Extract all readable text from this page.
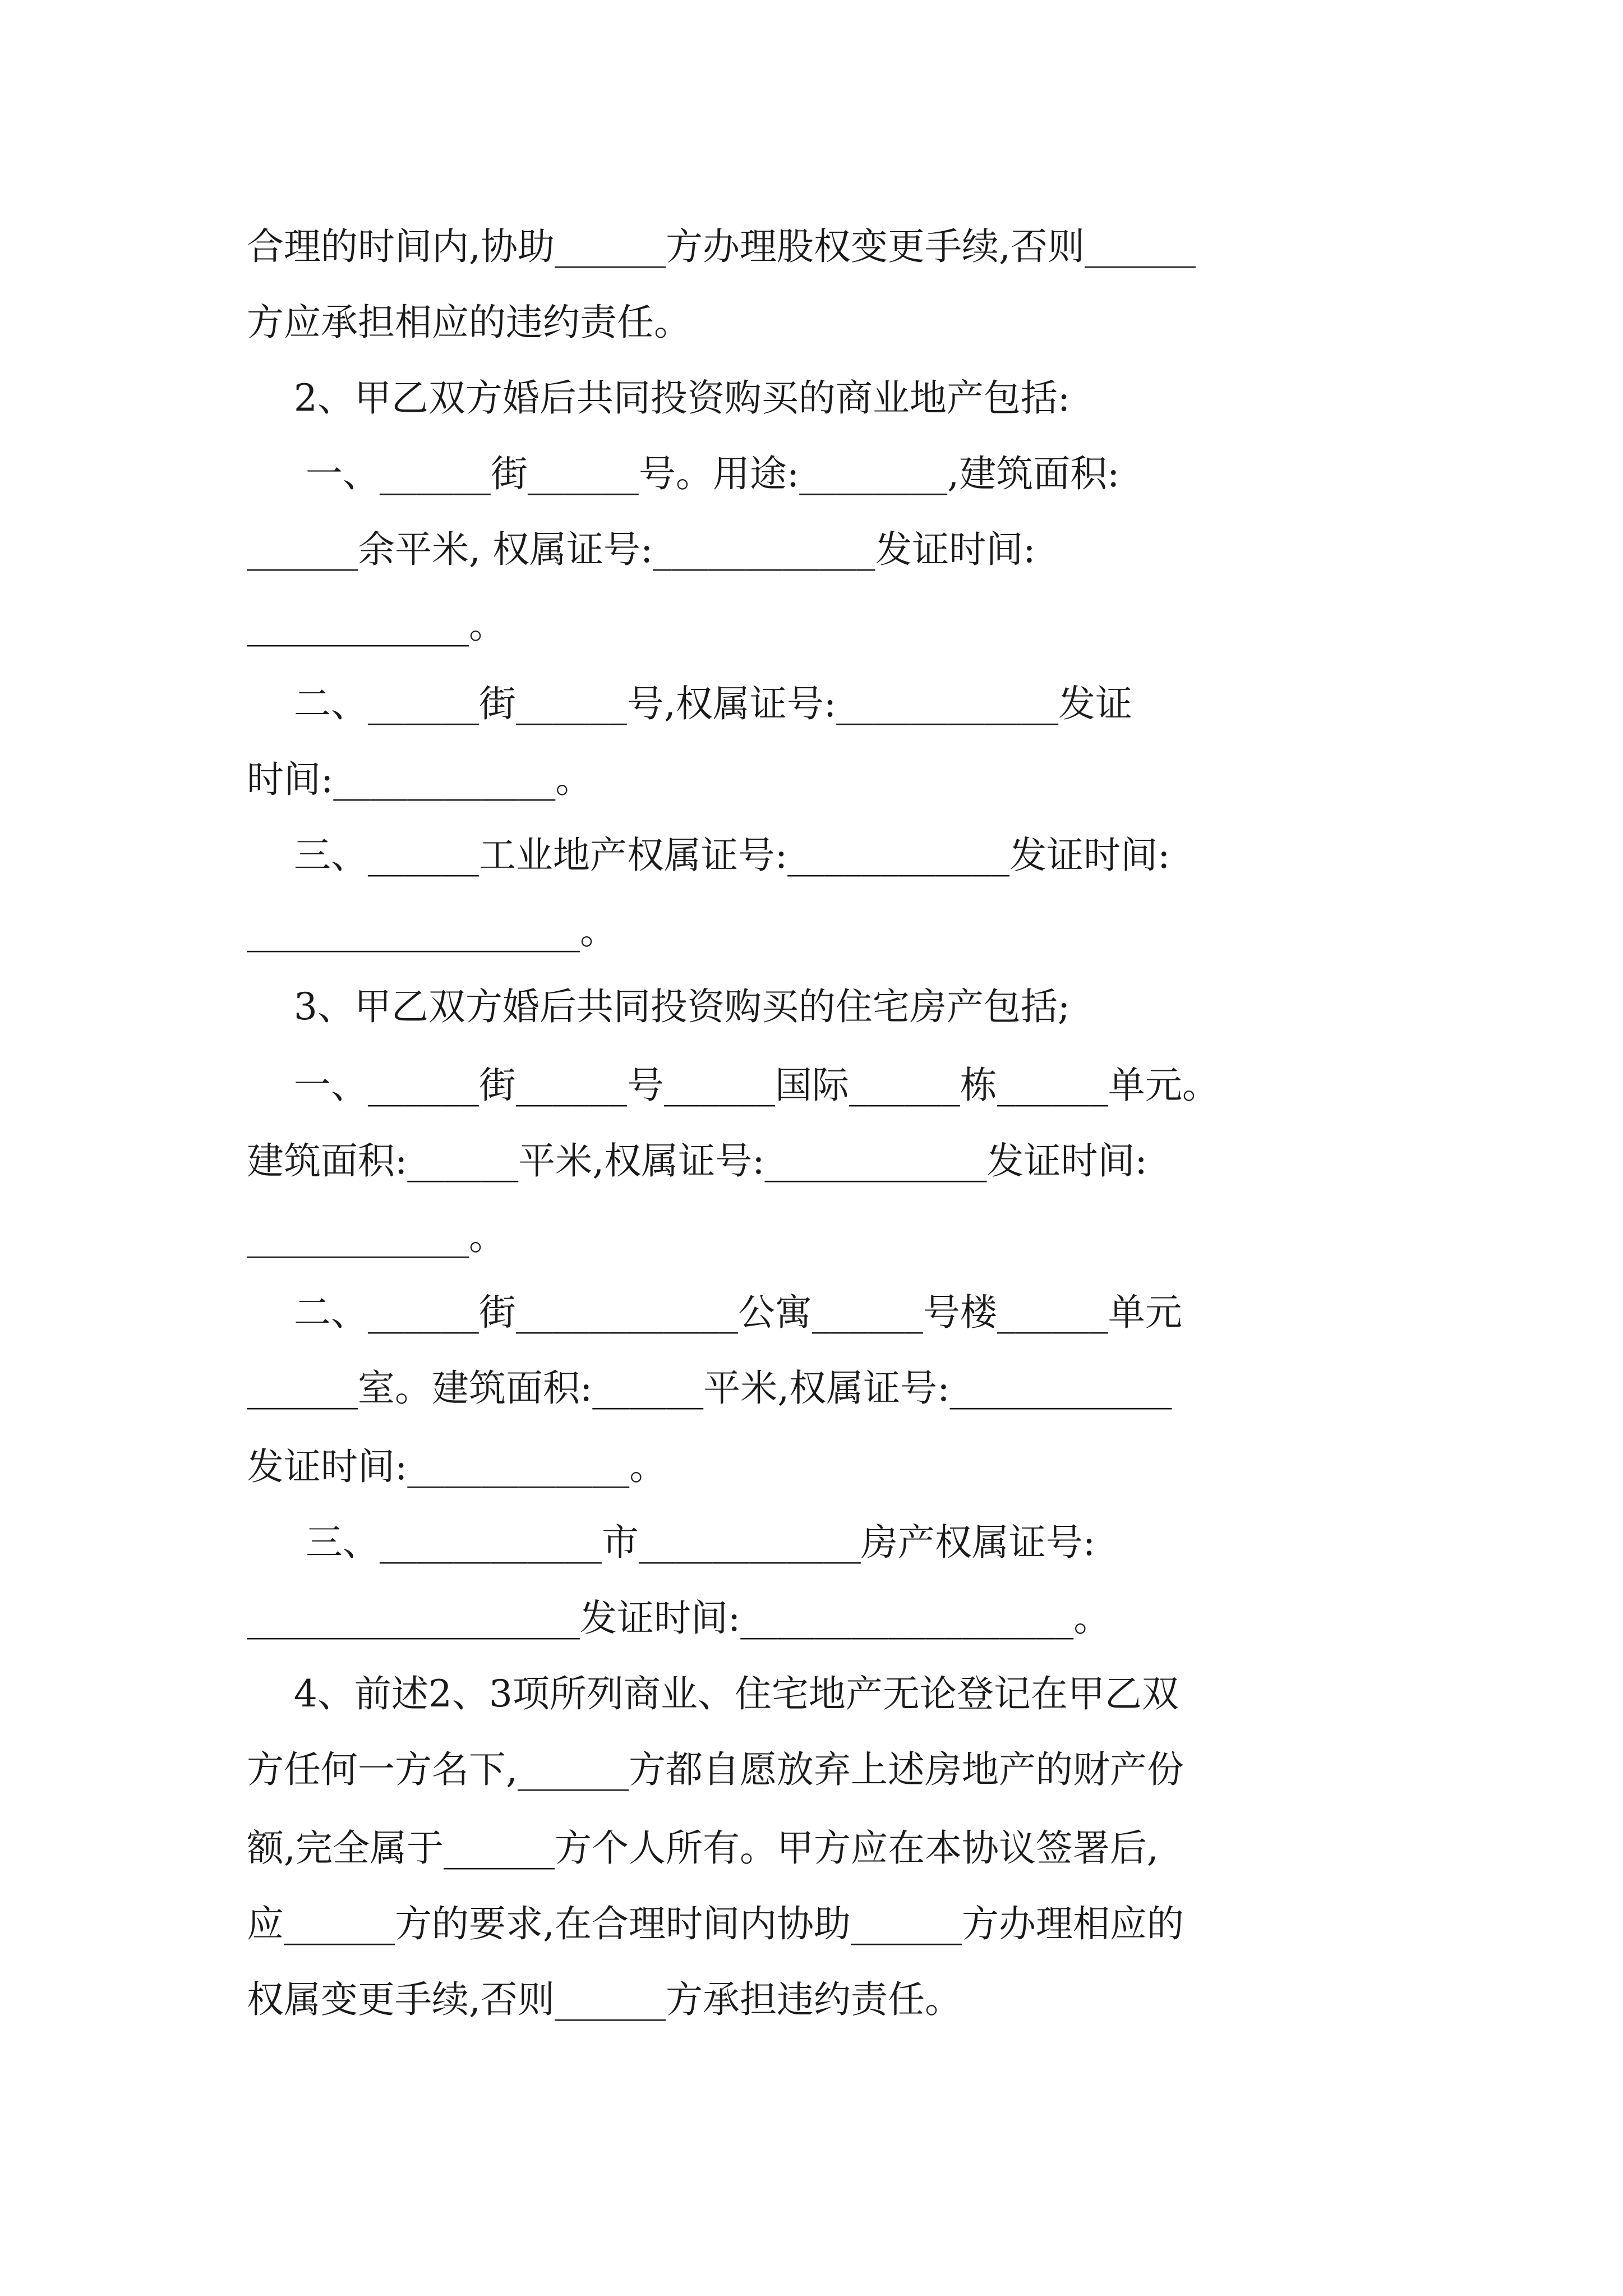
合理的时间内,协助______方办理股权变更手续,否则______
方应承担相应的违约责任。
2、甲乙双方婚后共同投资购买的商业地产包括:
一、______街______号。用途:________,建筑面积:
______余平米, 权属证号:____________发证时间:
____________。
二、______街______号,权属证号:____________发证
时间:____________。
三、______工业地产权属证号:____________发证时间:
__________________。
3、甲乙双方婚后共同投资购买的住宅房产包括;
一、______街______号______国际______栋______单元。
建筑面积:______平米,权属证号:____________发证时间:
____________。
二、______街____________公寓______号楼______单元
______室。建筑面积:______平米,权属证号:____________
发证时间:____________。
三、____________市____________房产权属证号:
__________________发证时间:__________________。
4、前述2、3项所列商业、住宅地产无论登记在甲乙双
方任何一方名下,______方都自愿放弃上述房地产的财产份
额,完全属于______方个人所有。甲方应在本协议签署后,
应______方的要求,在合理时间内协助______方办理相应的
权属变更手续,否则______方承担违约责任。
